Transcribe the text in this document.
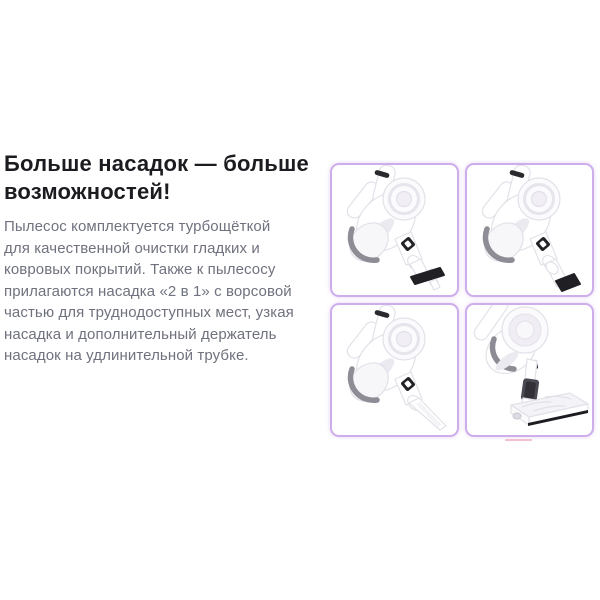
Больше насадок — больше возможностей!

Пылесос комплектуется турбощёткой для качественной очистки гладких и ковровых покрытий. Также к пылесосу прилагаются насадка «2 в 1» с ворсовой частью для труднодоступных мест, узкая насадка и дополнительный держатель насадок на удлинительной трубке.
